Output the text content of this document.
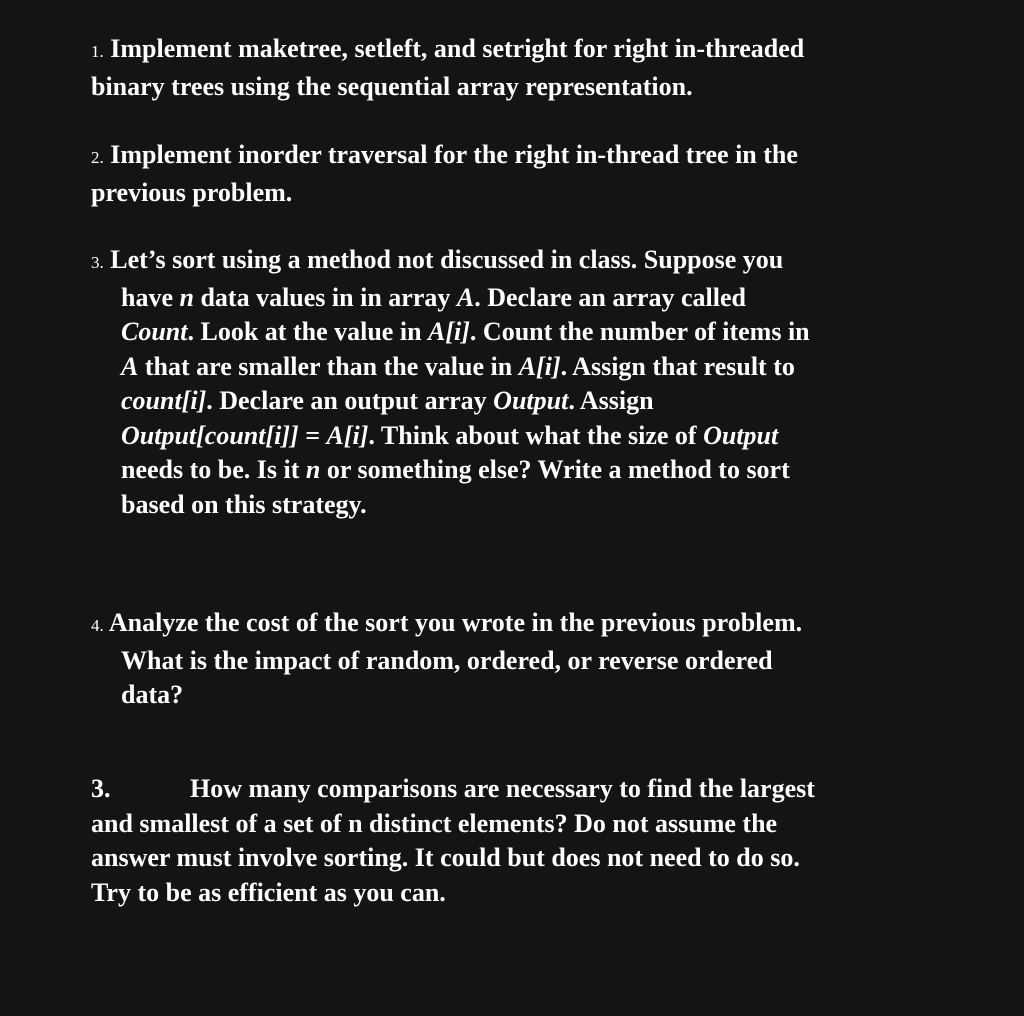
1. Implement maketree, setleft, and setright for right in-threaded
binary trees using the sequential array representation.
2. Implement inorder traversal for the right in-thread tree in the
previous problem.
3. Let’s sort using a method not discussed in class. Suppose you
have n data values in in array A. Declare an array called
Count. Look at the value in A[i]. Count the number of items in
A that are smaller than the value in A[i]. Assign that result to
count[i]. Declare an output array Output. Assign
Output[count[i]] = A[i]. Think about what the size of Output
needs to be. Is it n or something else? Write a method to sort
based on this strategy.
4. Analyze the cost of the sort you wrote in the previous problem.
What is the impact of random, ordered, or reverse ordered
data?
3.	How many comparisons are necessary to find the largest
and smallest of a set of n distinct elements? Do not assume the
answer must involve sorting. It could but does not need to do so.
Try to be as efficient as you can.
